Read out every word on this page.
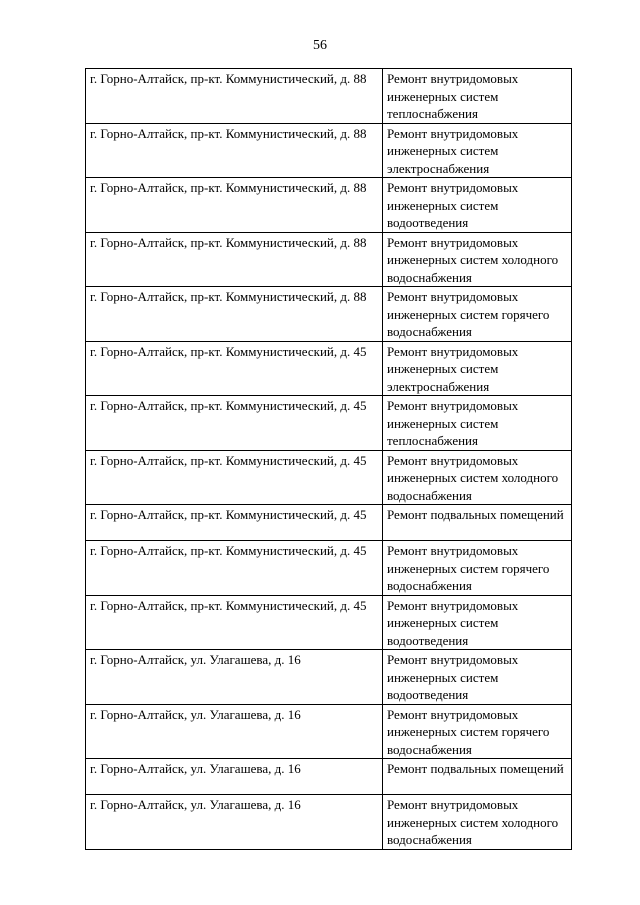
56
г. Горно-Алтайск, пр-кт. Коммунистический, д. 88	Ремонт внутридомовых инженерных систем теплоснабжения
г. Горно-Алтайск, пр-кт. Коммунистический, д. 88	Ремонт внутридомовых инженерных систем электроснабжения
г. Горно-Алтайск, пр-кт. Коммунистический, д. 88	Ремонт внутридомовых инженерных систем водоотведения
г. Горно-Алтайск, пр-кт. Коммунистический, д. 88	Ремонт внутридомовых инженерных систем холодного водоснабжения
г. Горно-Алтайск, пр-кт. Коммунистический, д. 88	Ремонт внутридомовых инженерных систем горячего водоснабжения
г. Горно-Алтайск, пр-кт. Коммунистический, д. 45	Ремонт внутридомовых инженерных систем электроснабжения
г. Горно-Алтайск, пр-кт. Коммунистический, д. 45	Ремонт внутридомовых инженерных систем теплоснабжения
г. Горно-Алтайск, пр-кт. Коммунистический, д. 45	Ремонт внутридомовых инженерных систем холодного водоснабжения
г. Горно-Алтайск, пр-кт. Коммунистический, д. 45	Ремонт подвальных помещений
г. Горно-Алтайск, пр-кт. Коммунистический, д. 45	Ремонт внутридомовых инженерных систем горячего водоснабжения
г. Горно-Алтайск, пр-кт. Коммунистический, д. 45	Ремонт внутридомовых инженерных систем водоотведения
г. Горно-Алтайск, ул. Улагашева, д. 16	Ремонт внутридомовых инженерных систем водоотведения
г. Горно-Алтайск, ул. Улагашева, д. 16	Ремонт внутридомовых инженерных систем горячего водоснабжения
г. Горно-Алтайск, ул. Улагашева, д. 16	Ремонт подвальных помещений
г. Горно-Алтайск, ул. Улагашева, д. 16	Ремонт внутридомовых инженерных систем холодного водоснабжения
